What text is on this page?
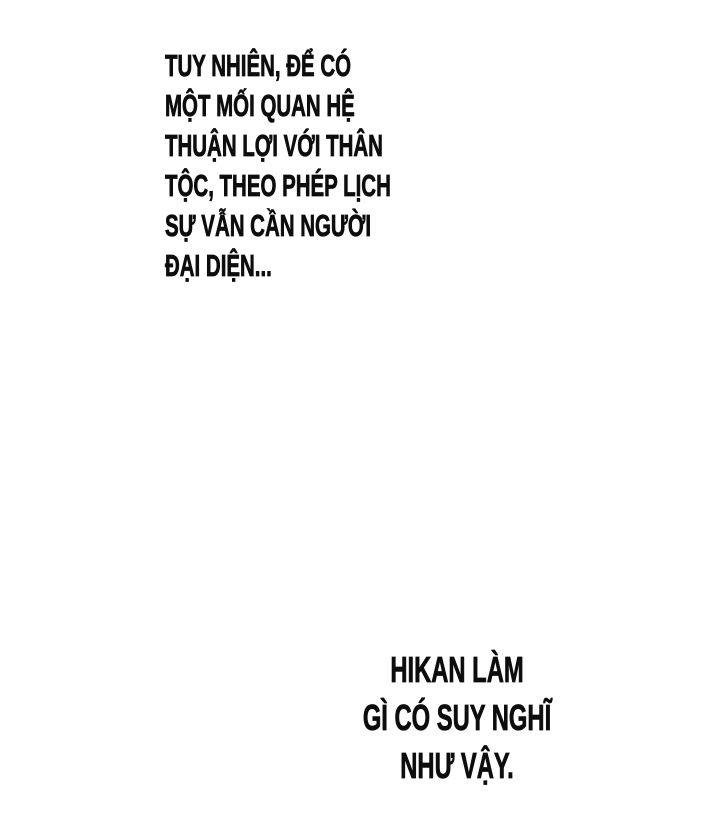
TUY NHIÊN, ĐỂ CÓ
MỘT MỐI QUAN HỆ
THUẬN LỢI VỚI THÂN
TỘC, THEO PHÉP LỊCH
SỰ VẪN CẦN NGƯỜI
ĐẠI DIỆN...
HIKAN LÀM
GÌ CÓ SUY NGHĨ
NHƯ VẬY.
